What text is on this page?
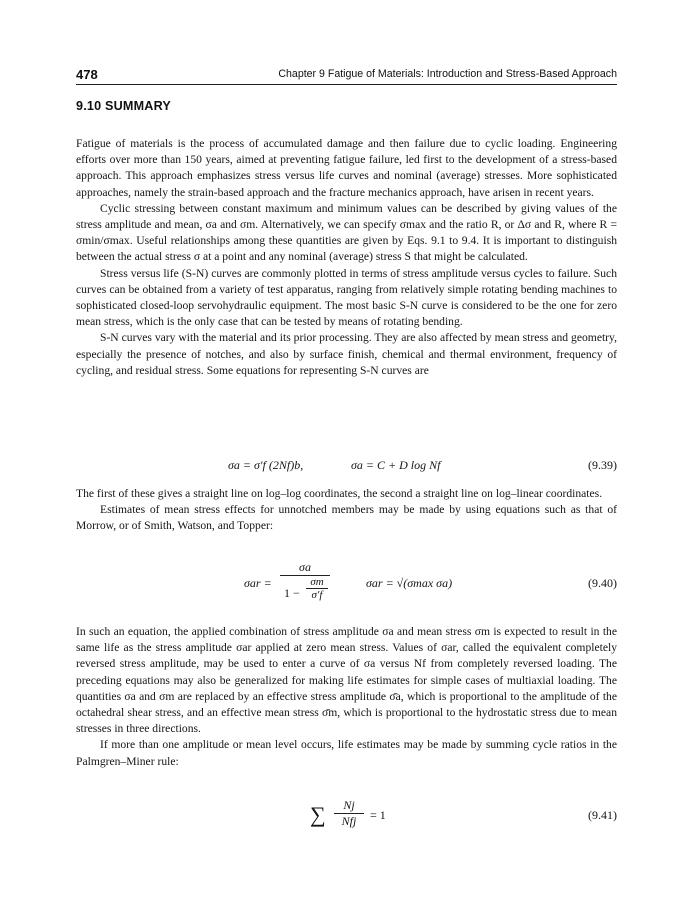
478	Chapter 9 Fatigue of Materials: Introduction and Stress-Based Approach
9.10 SUMMARY

Fatigue of materials is the process of accumulated damage and then failure due to cyclic loading. Engineering efforts over more than 150 years, aimed at preventing fatigue failure, led first to the development of a stress-based approach. This approach emphasizes stress versus life curves and nominal (average) stresses. More sophisticated approaches, namely the strain-based approach and the fracture mechanics approach, have arisen in recent years.

Cyclic stressing between constant maximum and minimum values can be described by giving values of the stress amplitude and mean, σa and σm. Alternatively, we can specify σmax and the ratio R, or Δσ and R, where R = σmin/σmax. Useful relationships among these quantities are given by Eqs. 9.1 to 9.4. It is important to distinguish between the actual stress σ at a point and any nominal (average) stress S that might be calculated.

Stress versus life (S-N) curves are commonly plotted in terms of stress amplitude versus cycles to failure. Such curves can be obtained from a variety of test apparatus, ranging from relatively simple rotating bending machines to sophisticated closed-loop servohydraulic equipment. The most basic S-N curve is considered to be the one for zero mean stress, which is the only case that can be tested by means of rotating bending.

S-N curves vary with the material and its prior processing. They are also affected by mean stress and geometry, especially the presence of notches, and also by surface finish, chemical and thermal environment, frequency of cycling, and residual stress. Some equations for representing S-N curves are

σa = σ′f (2Nf)b,	σa = C + D log Nf	(9.39)

The first of these gives a straight line on log–log coordinates, the second a straight line on log–linear coordinates.

Estimates of mean stress effects for unnotched members may be made by using equations such as that of Morrow, or of Smith, Watson, and Topper:

$\sigma ar = \frac{\sigma a}{1 - \frac{\sigma m}{\sigma'f}}$	σar = √(σmax σa)	(9.40)

In such an equation, the applied combination of stress amplitude σa and mean stress σm is expected to result in the same life as the stress amplitude σar applied at zero mean stress. Values of σar, called the equivalent completely reversed stress amplitude, may be used to enter a curve of σa versus Nf from completely reversed loading. The preceding equations may also be generalized for making life estimates for simple cases of multiaxial loading. The quantities σa and σm are replaced by an effective stress amplitude σ̄a, which is proportional to the amplitude of the octahedral shear stress, and an effective mean stress σ̄m, which is proportional to the hydrostatic stress due to mean stresses in three directions.

If more than one amplitude or mean level occurs, life estimates may be made by summing cycle ratios in the Palmgren–Miner rule:

∑	Nj
Nfj	= 1	(9.41)
